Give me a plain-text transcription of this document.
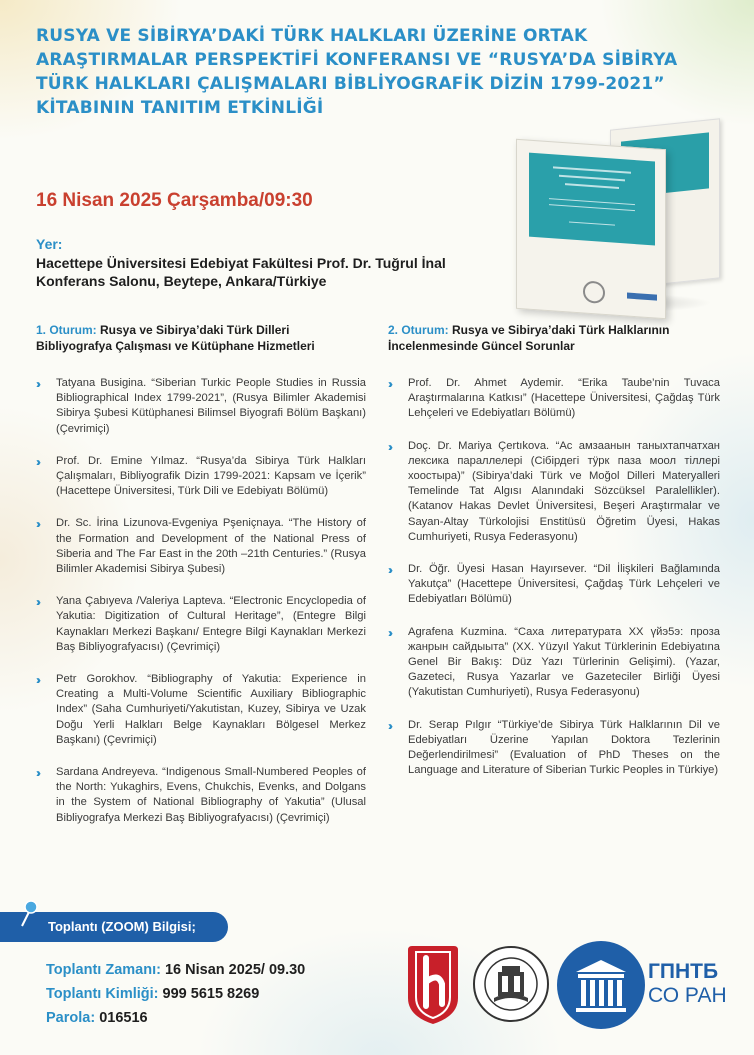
RUSYA VE SİBİRYA’DAKİ TÜRK HALKLARI ÜZERİNE ORTAK ARAŞTIRMALAR PERSPEKTİFİ KONFERANSI VE “RUSYA’DA SİBİRYA TÜRK HALKLARI ÇALIŞMALARI BİBLİYOGRAFİK DİZİN 1799-2021” KİTABININ TANITIM ETKİNLİĞİ
16 Nisan 2025 Çarşamba/09:30
Yer:
Hacettepe Üniversitesi Edebiyat Fakültesi Prof. Dr. Tuğrul İnal Konferans Salonu, Beytepe, Ankara/Türkiye
1. Oturum: Rusya ve Sibirya’daki Türk Dilleri Bibliyografya Çalışması ve Kütüphane Hizmetleri
›› Tatyana Busigina. “Siberian Turkic People Studies in Russia Bibliographical Index 1799-2021”, (Rusya Bilimler Akademisi Sibirya Şubesi Kütüphanesi Bilimsel Biyografi Bölüm Başkanı) (Çevrimiçi)
›› Prof. Dr. Emine Yılmaz. “Rusya’da Sibirya Türk Halkları Çalışmaları, Bibliyografik Dizin 1799-2021: Kapsam ve İçerik” (Hacettepe Üniversitesi, Türk Dili ve Edebiyatı Bölümü)
›› Dr. Sc. İrina Lizunova-Evgeniya Pşeniçnaya. “The History of the Formation and Development of the National Press of Siberia and The Far East in the 20th –21th Centuries.” (Rusya Bilimler Akademisi Sibirya Şubesi)
›› Yana Çabıyeva /Valeriya Lapteva. “Electronic Encyclopedia of Yakutia: Digitization of Cultural Heritage”, (Entegre Bilgi Kaynakları Merkezi Başkanı/ Entegre Bilgi Kaynakları Merkezi Baş Bibliyografyacısı) (Çevrimiçi)
›› Petr Gorokhov. “Bibliography of Yakutia: Experience in Creating a Multi-Volume Scientific Auxiliary Bibliographic Index” (Saha Cumhuriyeti/Yakutistan, Kuzey, Sibirya ve Uzak Doğu Yerli Halkları Belge Kaynakları Bölgesel Merkez Başkanı) (Çevrimiçi)
›› Sardana Andreyeva. “Indigenous Small-Numbered Peoples of the North: Yukaghirs, Evens, Chukchis, Evenks, and Dolgans in the System of National Bibliography of Yakutia” (Ulusal Bibliyografya Merkezi Baş Bibliyografyacısı) (Çevrimiçi)
2. Oturum: Rusya ve Sibirya’daki Türk Halklarının İncelenmesinde Güncel Sorunlar
›› Prof. Dr. Ahmet Aydemir. “Erika Taube’nin Tuvaca Araştırmalarına Katkısı” (Hacettepe Üniversitesi, Çağdaş Türk Lehçeleri ve Edebiyatları Bölümü)
›› Doç. Dr. Mariya Çertıkova. “Ас амзаанын таныхтапчатхан лексика параллелерi (Сiбiрдегi тӱрк паза моол тiллерi хоостыра)” (Sibirya’daki Türk ve Moğol Dilleri Materyalleri Temelinde Tat Algısı Alanındaki Sözcüksel Paralellikler). (Katanov Hakas Devlet Üniversitesi, Beşeri Araştırmalar ve Sayan-Altay Türkolojisi Enstitüsü Öğretim Üyesi, Hakas Cumhuriyeti, Rusya Federasyonu)
›› Dr. Öğr. Üyesi Hasan Hayırsever. “Dil İlişkileri Bağlamında Yakutça” (Hacettepe Üniversitesi, Çağdaş Türk Lehçeleri ve Edebiyatları Bölümü)
›› Agrafena Kuzmina. “Саха литературата XX үйэ5э: проза жанрын сайдыыта” (XX. Yüzyıl Yakut Türklerinin Edebiyatına Genel Bir Bakış: Düz Yazı Türlerinin Gelişimi). (Yazar, Gazeteci, Rusya Yazarlar ve Gazeteciler Birliği Üyesi (Yakutistan Cumhuriyeti), Rusya Federasyonu)
›› Dr. Serap Pılgır “Türkiye’de Sibirya Türk Halklarının Dil ve Edebiyatları Üzerine Yapılan Doktora Tezlerinin Değerlendirilmesi” (Evaluation of PhD Theses on the Language and Literature of Siberian Turkic Peoples in Türkiye)
Toplantı (ZOOM) Bilgisi;
Toplantı Zamanı: 16 Nisan 2025/ 09.30
Toplantı Kimliği: 999 5615 8269
Parola: 016516
ГПНТБ
СО РАН
